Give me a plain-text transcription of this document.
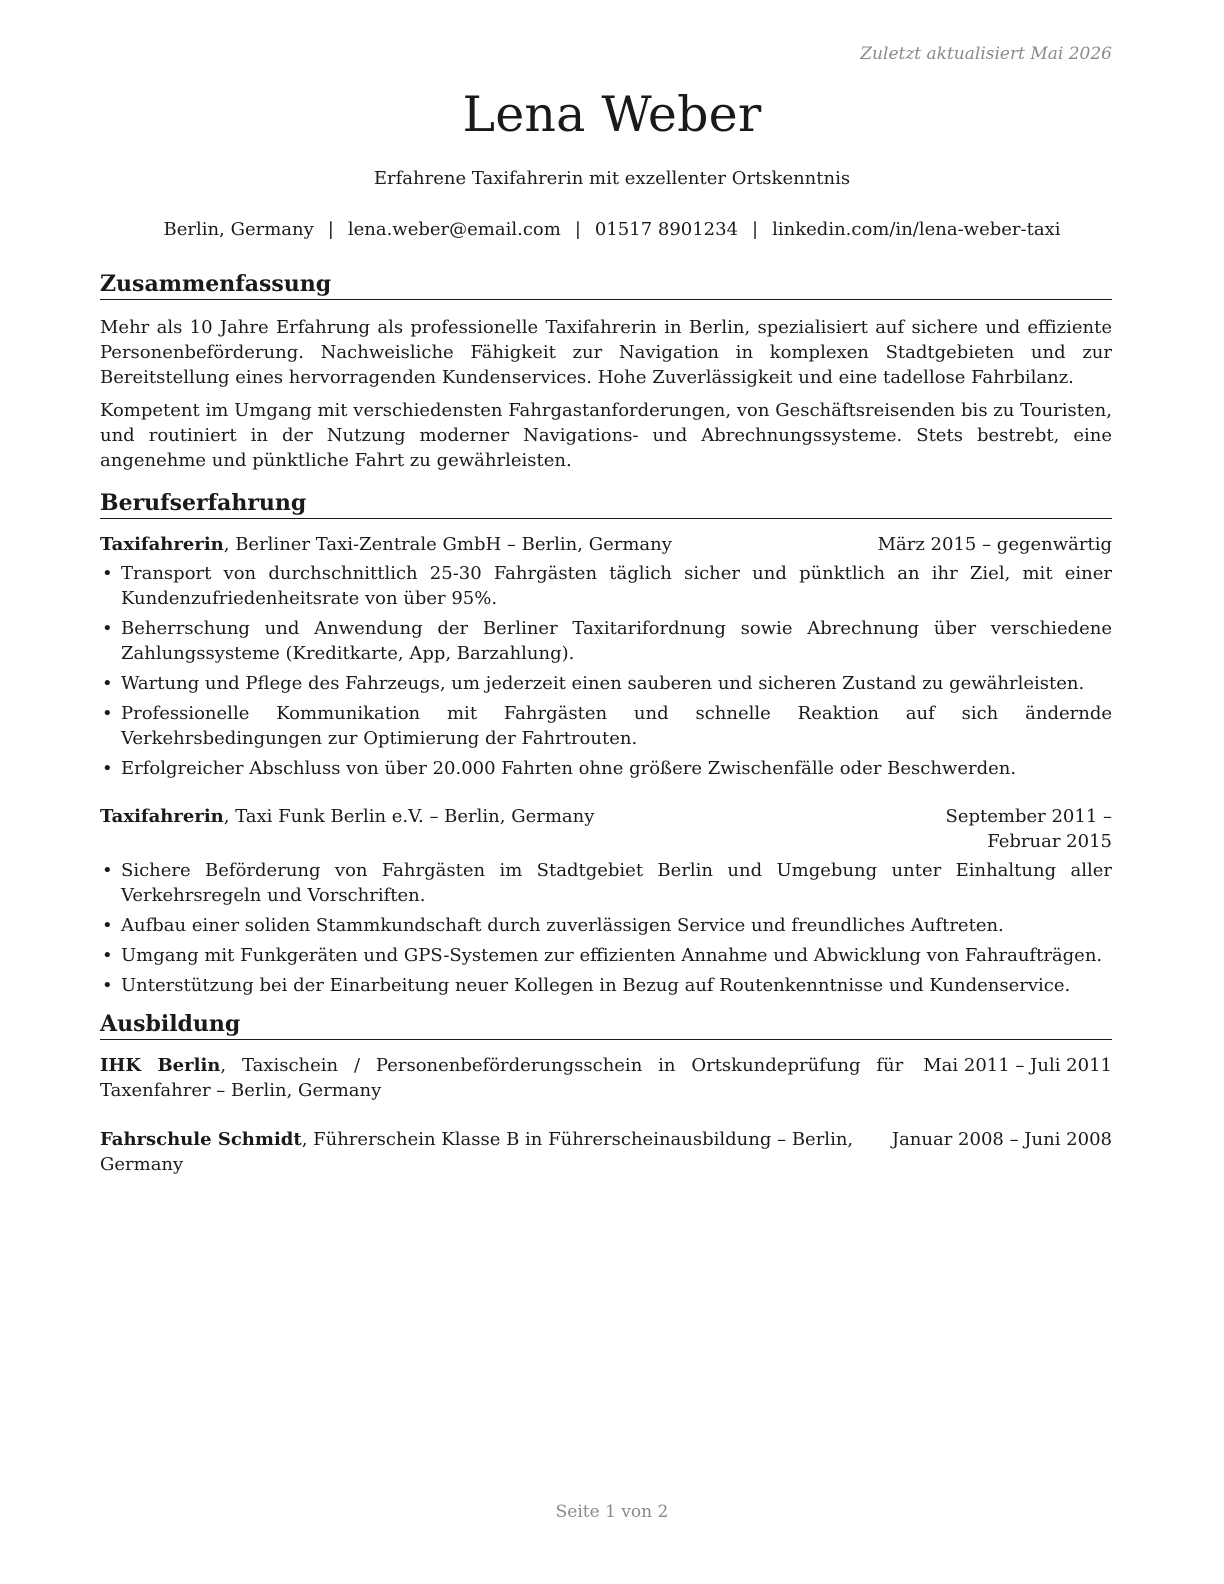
Zuletzt aktualisiert Mai 2026
Lena Weber
Erfahrene Taxifahrerin mit exzellenter Ortskenntnis
Berlin, Germany | lena.weber@email.com | 01517 8901234 | linkedin.com/in/lena-weber-taxi
Zusammenfassung

Mehr als 10 Jahre Erfahrung als professionelle Taxifahrerin in Berlin, spezialisiert auf sichere und effiziente Personenbeförderung. Nachweisliche Fähigkeit zur Navigation in komplexen Stadtgebieten und zur Bereitstellung eines hervorragenden Kundenservices. Hohe Zuverlässigkeit und eine tadellose Fahrbilanz.

Kompetent im Umgang mit verschiedensten Fahrgastanforderungen, von Geschäftsreisenden bis zu Touristen, und routiniert in der Nutzung moderner Navigations- und Abrechnungssysteme. Stets bestrebt, eine angenehme und pünktliche Fahrt zu gewährleisten.

Berufserfahrung
Taxifahrerin, Berliner Taxi-Zentrale GmbH – Berlin, Germany	März 2015 – gegenwärtig
• Transport von durchschnittlich 25-30 Fahrgästen täglich sicher und pünktlich an ihr Ziel, mit einer Kundenzufriedenheitsrate von über 95%.
• Beherrschung und Anwendung der Berliner Taxitarifordnung sowie Abrechnung über verschiedene Zahlungssysteme (Kreditkarte, App, Barzahlung).
• Wartung und Pflege des Fahrzeugs, um jederzeit einen sauberen und sicheren Zustand zu gewährleisten.
• Professionelle Kommunikation mit Fahrgästen und schnelle Reaktion auf sich ändernde Verkehrsbedingungen zur Optimierung der Fahrtrouten.
• Erfolgreicher Abschluss von über 20.000 Fahrten ohne größere Zwischenfälle oder Beschwerden.
Taxifahrerin, Taxi Funk Berlin e.V. – Berlin, Germany	September 2011 – Februar 2015
• Sichere Beförderung von Fahrgästen im Stadtgebiet Berlin und Umgebung unter Einhaltung aller Verkehrsregeln und Vorschriften.
• Aufbau einer soliden Stammkundschaft durch zuverlässigen Service und freundliches Auftreten.
• Umgang mit Funkgeräten und GPS-Systemen zur effizienten Annahme und Abwicklung von Fahraufträgen.
• Unterstützung bei der Einarbeitung neuer Kollegen in Bezug auf Routenkenntnisse und Kundenservice.
Ausbildung
IHK Berlin, Taxischein / Personenbeförderungsschein in Ortskundeprüfung für Taxenfahrer – Berlin, Germany
Mai 2011 – Juli 2011
Fahrschule Schmidt, Führerschein Klasse B in Führerscheinausbildung – Berlin, Germany
Januar 2008 – Juni 2008
Seite 1 von 2
